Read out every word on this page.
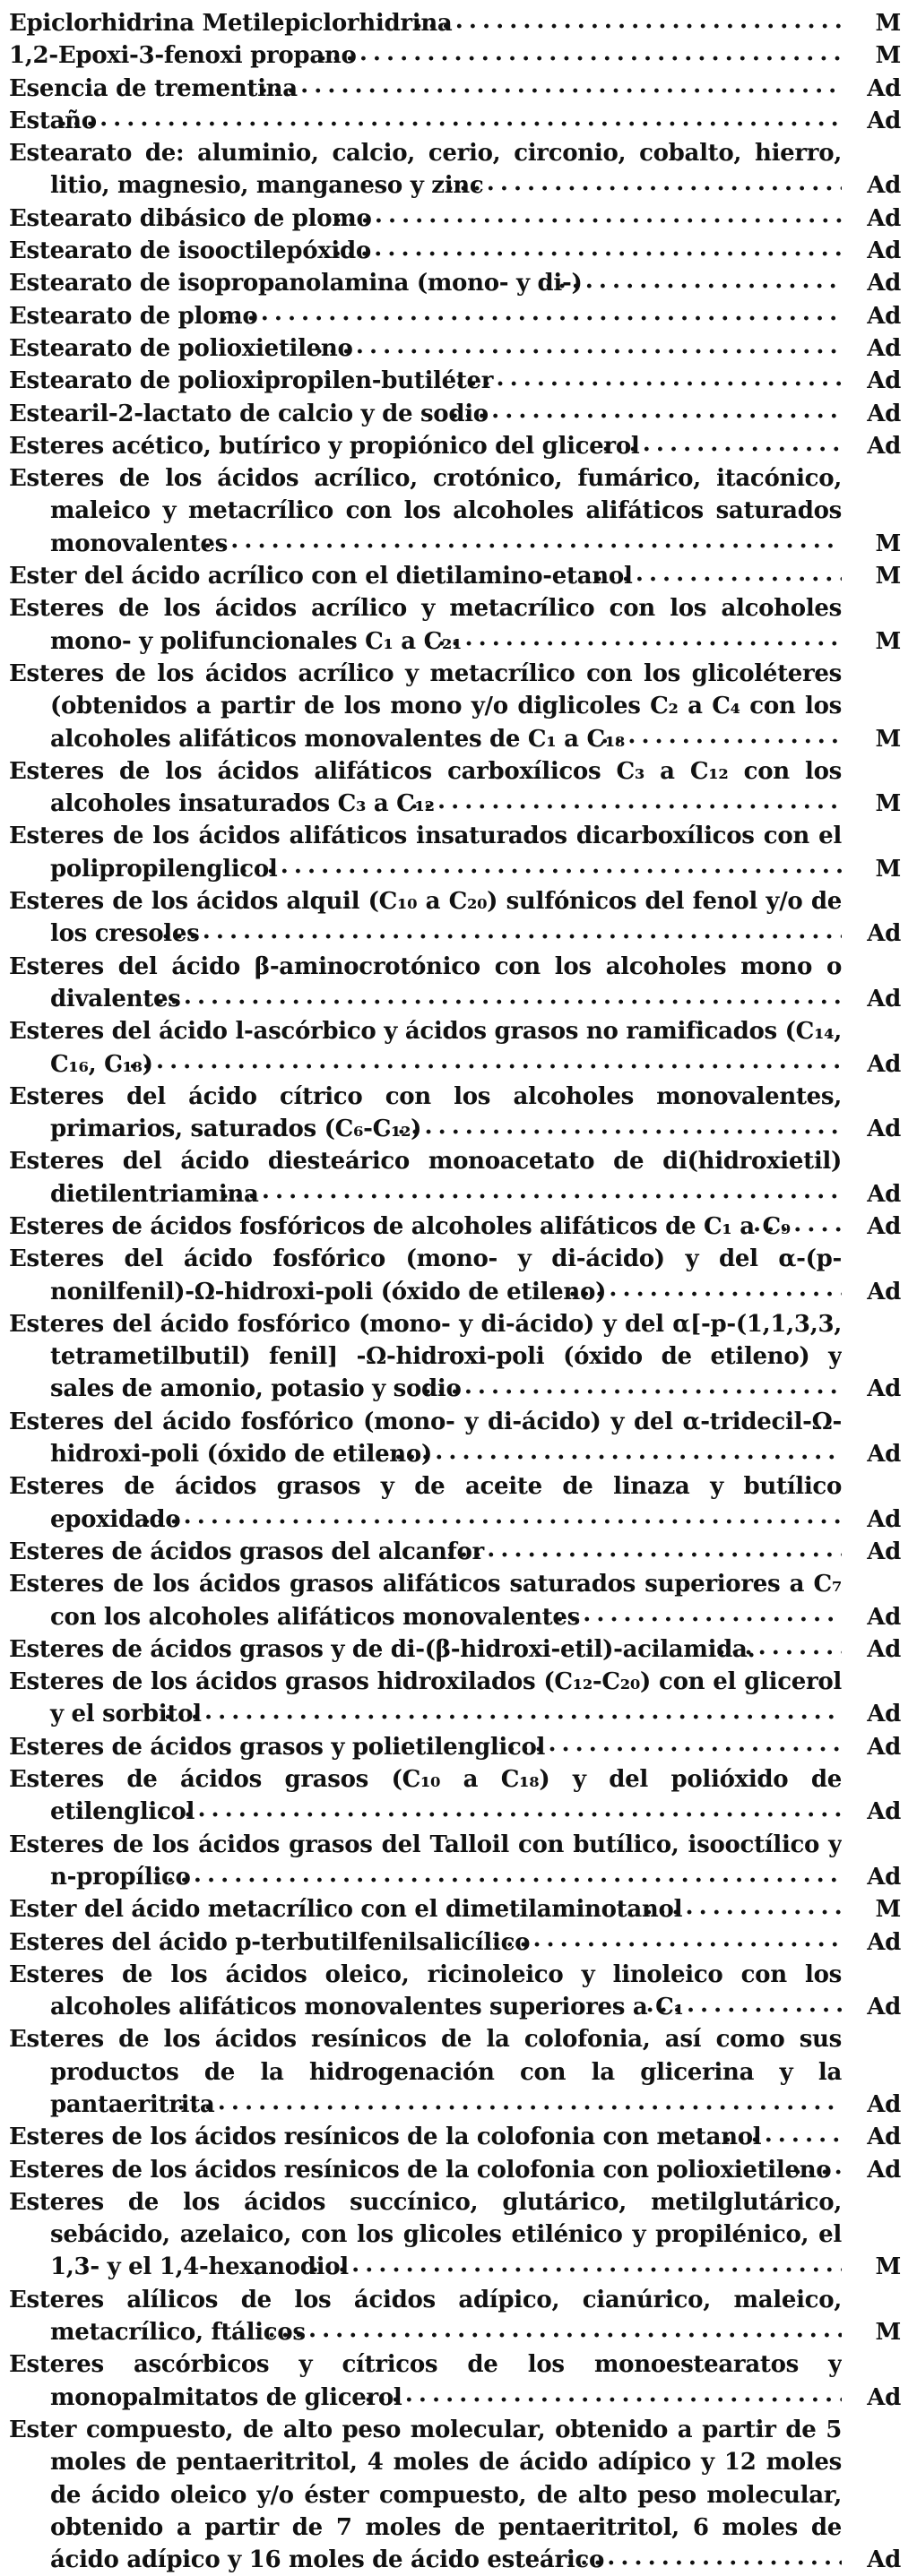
Epiclorhidrina Metilepiclorhidrina . . .	M
1,2-Epoxi-3-fenoxi propano . . .	M
Esencia de trementina . . .	Ad
Estaño . . .	Ad
Estearato de: aluminio, calcio, cerio, circonio, cobalto, hierro, litio, magnesio, manganeso y zinc . . .	Ad
Estearato dibásico de plomo . . .	Ad
Estearato de isooctilepóxido . . .	Ad
Estearato de isopropanolamina (mono- y di-) . . .	Ad
Estearato de plomo . . .	Ad
Estearato de polioxietileno . . .	Ad
Estearato de polioxipropilen-butiléter . . .	Ad
Estearil-2-lactato de calcio y de sodio . . .	Ad
Esteres acético, butírico y propiónico del glicerol . . .	Ad
Esteres de los ácidos acrílico, crotónico, fumárico, itacónico, maleico y metacrílico con los alcoholes alifáticos saturados monovalentes . . .	M
Ester del ácido acrílico con el dietilamino-etanol . . .	M
Esteres de los ácidos acrílico y metacrílico con los alcoholes mono- y polifuncionales C₁ a C₂₁ . . .	M
Esteres de los ácidos acrílico y metacrílico con los glicoléteres (obtenidos a partir de los mono y/o diglicoles C₂ a C₄ con los alcoholes alifáticos monovalentes de C₁ a C₁₈ . . .	M
Esteres de los ácidos alifáticos carboxílicos C₃ a C₁₂ con los alcoholes insaturados C₃ a C₁₂ . . .	M
Esteres de los ácidos alifáticos insaturados dicarboxílicos con el polipropilenglicol . . .	M
Esteres de los ácidos alquil (C₁₀ a C₂₀) sulfónicos del fenol y/o de los cresoles . . .	Ad
Esteres del ácido β-aminocrotónico con los alcoholes mono o divalentes . . .	Ad
Esteres del ácido l-ascórbico y ácidos grasos no ramificados (C₁₄, C₁₆, C₁₈) . . .	Ad
Esteres del ácido cítrico con los alcoholes monovalentes, primarios, saturados (C₆-C₁₂) . . .	Ad
Esteres del ácido diesteárico monoacetato de di(hidroxietil) dietilentriamina . . .	Ad
Esteres de ácidos fosfóricos de alcoholes alifáticos de C₁ a C₉ . . .	Ad
Esteres del ácido fosfórico (mono- y di-ácido) y del α-(p-nonilfenil)-Ω-hidroxi-poli (óxido de etileno) . . .	Ad
Esteres del ácido fosfórico (mono- y di-ácido) y del α[-p-(1,1,3,3, tetrametilbutil) fenil] -Ω-hidroxi-poli (óxido de etileno) y sales de amonio, potasio y sodio . . .	Ad
Esteres del ácido fosfórico (mono- y di-ácido) y del α-tridecil-Ω-hidroxi-poli (óxido de etileno) . . .	Ad
Esteres de ácidos grasos y de aceite de linaza y butílico epoxidado . . .	Ad
Esteres de ácidos grasos del alcanfor . . .	Ad
Esteres de los ácidos grasos alifáticos saturados superiores a C₇ con los alcoholes alifáticos monovalentes . . .	Ad
Esteres de ácidos grasos y de di-(β-hidroxi-etil)-acilamida. . . .	Ad
Esteres de los ácidos grasos hidroxilados (C₁₂-C₂₀) con el glicerol y el sorbitol . . .	Ad
Esteres de ácidos grasos y polietilenglicol . . .	Ad
Esteres de ácidos grasos (C₁₀ a C₁₈) y del polióxido de etilenglicol . . .	Ad
Esteres de los ácidos grasos del Talloil con butílico, isooctílico y n-propílico . . .	Ad
Ester del ácido metacrílico con el dimetilaminotanol . . .	M
Esteres del ácido p-terbutilfenilsalicílico . . .	Ad
Esteres de los ácidos oleico, ricinoleico y linoleico con los alcoholes alifáticos monovalentes superiores a C₁ . . .	Ad
Esteres de los ácidos resínicos de la colofonia, así como sus productos de la hidrogenación con la glicerina y la pantaeritrita . . .	Ad
Esteres de los ácidos resínicos de la colofonia con metanol . . .	Ad
Esteres de los ácidos resínicos de la colofonia con polioxietileno . . .	Ad
Esteres de los ácidos succínico, glutárico, metilglutárico, sebácido, azelaico, con los glicoles etilénico y propilénico, el 1,3- y el 1,4-hexanodiol . . .	M
Esteres alílicos de los ácidos adípico, cianúrico, maleico, metacrílico, ftálicos . . .	M
Esteres ascórbicos y cítricos de los monoestearatos y monopalmitatos de glicerol . . .	Ad
Ester compuesto, de alto peso molecular, obtenido a partir de 5 moles de pentaeritritol, 4 moles de ácido adípico y 12 moles de ácido oleico y/o éster compuesto, de alto peso molecular, obtenido a partir de 7 moles de pentaeritritol, 6 moles de ácido adípico y 16 moles de ácido esteárico . . .	Ad
